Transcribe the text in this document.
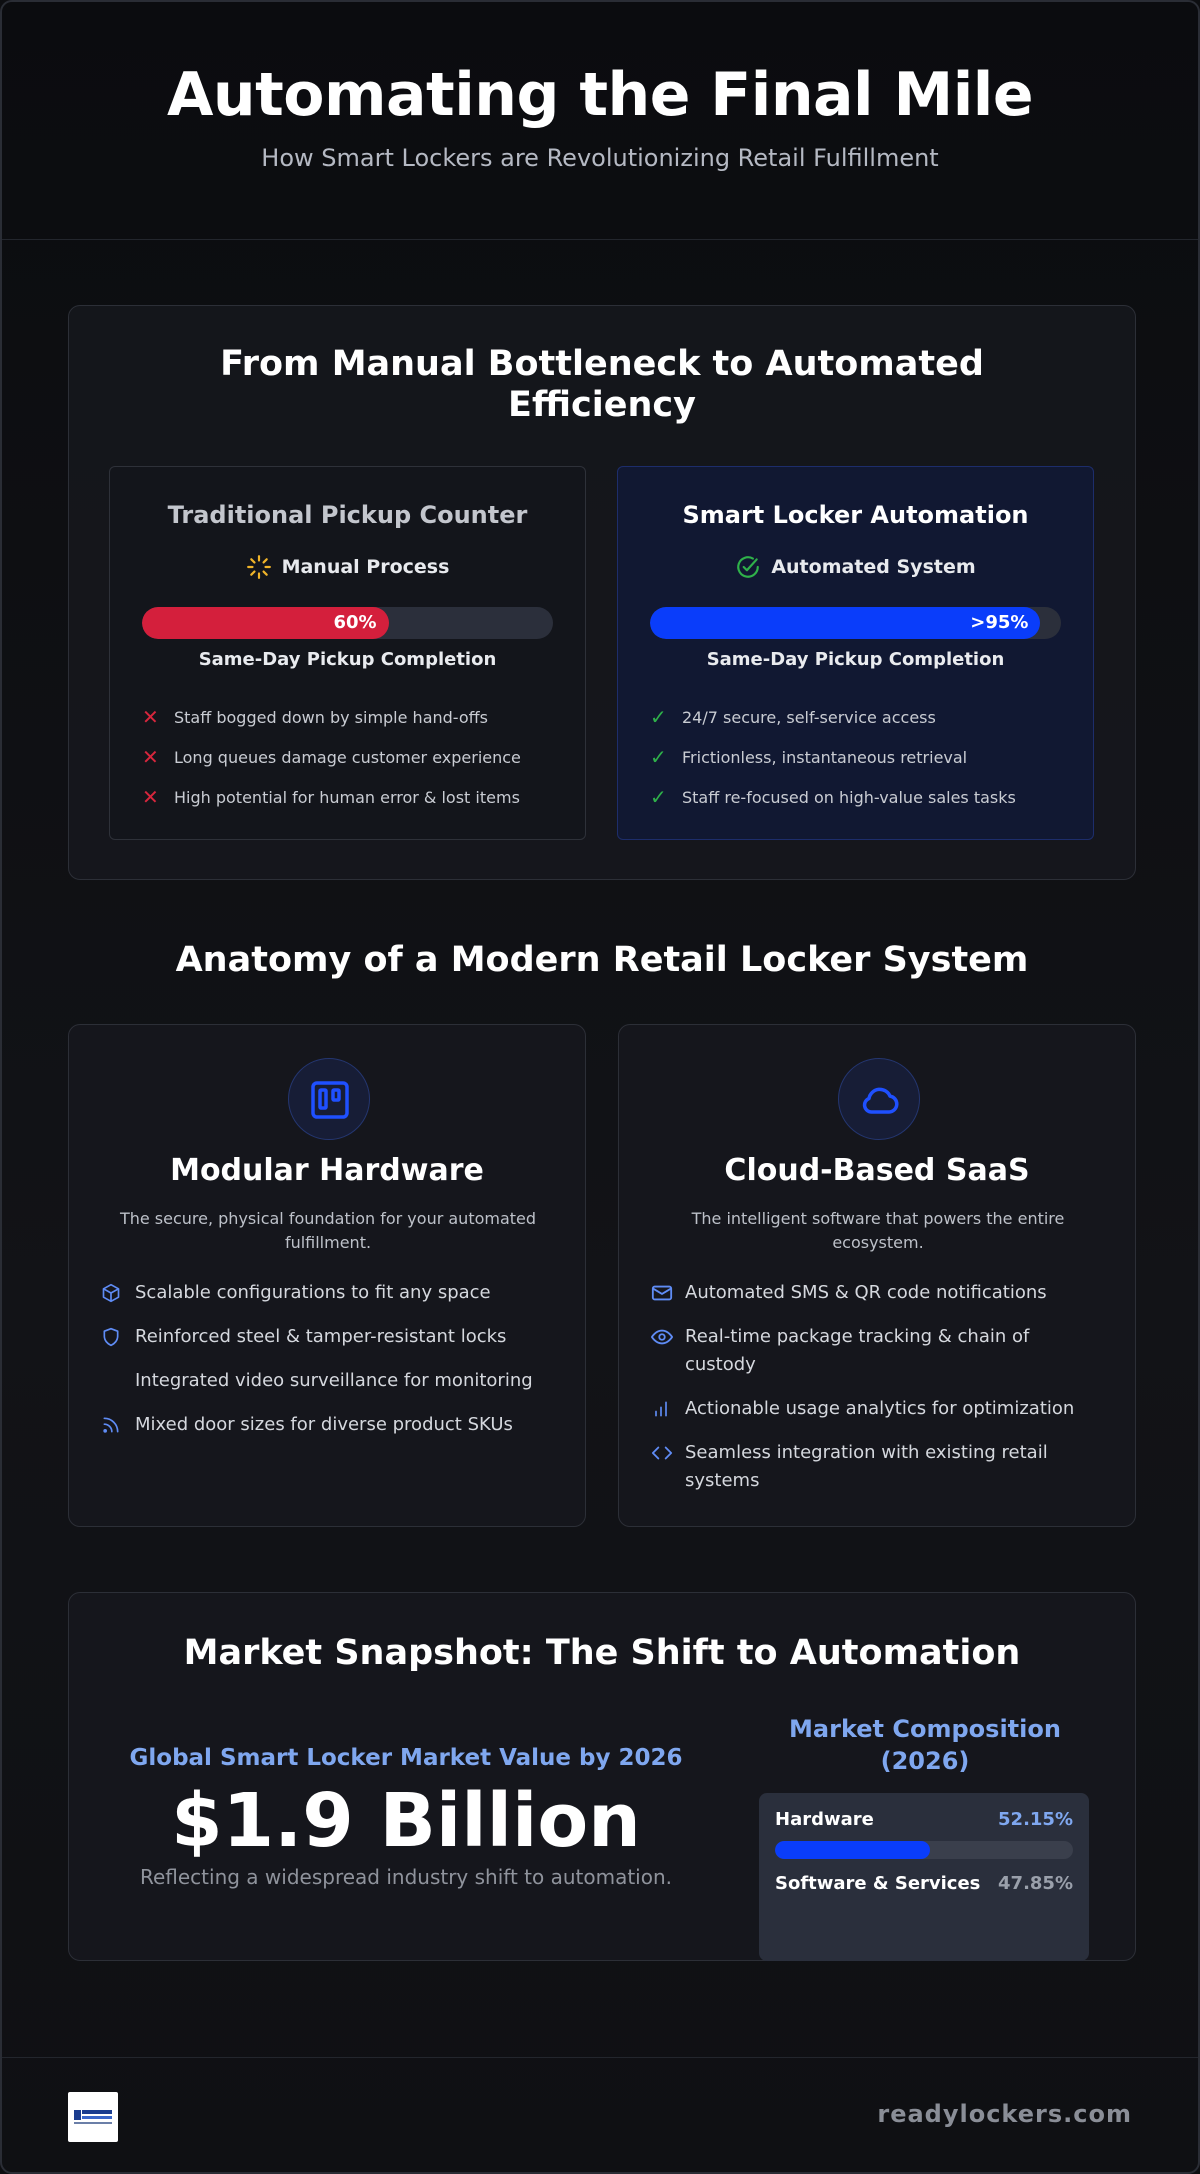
Automating the Final Mile
How Smart Lockers are Revolutionizing Retail Fulfillment
From Manual Bottleneck to Automated Efficiency
Traditional Pickup Counter
Manual Process
60%
Same-Day Pickup Completion
✕ Staff bogged down by simple hand-offs
✕ Long queues damage customer experience
✕ High potential for human error & lost items
Smart Locker Automation
Automated System
>95%
Same-Day Pickup Completion
✓ 24/7 secure, self-service access
✓ Frictionless, instantaneous retrieval
✓ Staff re-focused on high-value sales tasks
Anatomy of a Modern Retail Locker System
Modular Hardware
The secure, physical foundation for your automated fulfillment.
Scalable configurations to fit any space
Reinforced steel & tamper-resistant locks
Integrated video surveillance for monitoring
Mixed door sizes for diverse product SKUs
Cloud-Based SaaS
The intelligent software that powers the entire ecosystem.
Automated SMS & QR code notifications
Real-time package tracking & chain of custody
Actionable usage analytics for optimization
Seamless integration with existing retail systems
Market Snapshot: The Shift to Automation
Global Smart Locker Market Value by 2026
$1.9 Billion
Reflecting a widespread industry shift to automation.
Market Composition (2026)
Hardware	52.15%
Software & Services 47.85%
readylockers.com
